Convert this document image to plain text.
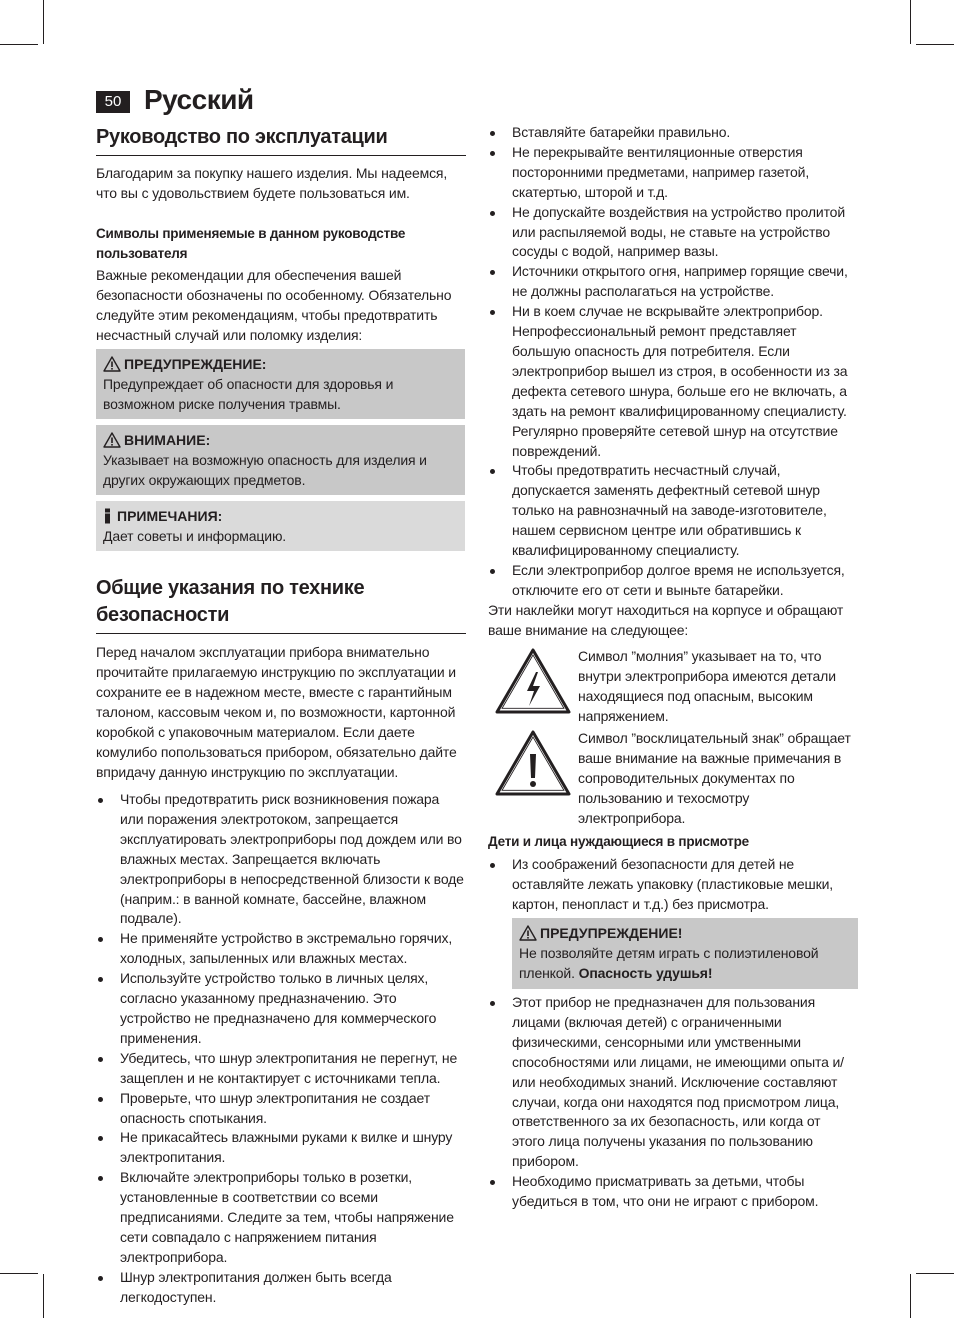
50 Русский
Руководство по эксплуатации

Благодарим за покупку нашего изделия. Мы надеемся, что вы с удовольствием будете пользоваться им.

Символы применяемые в данном руководстве пользователя

Важные рекомендации для обеспечения вашей безопасности обозначены по особенному. Обязательно следуйте этим рекомендациям, чтобы предотвратить несчастный случай или поломку изделия:

ПРЕДУПРЕЖДЕНИЕ:
Предупреждает об опасности для здоровья и возможном риске получения травмы.
ВНИМАНИЕ:
Указывает на возможную опасность для изделия и других окружающих предметов.
ПРИМЕЧАНИЯ:
Дает советы и информацию.
Общие указания по технике
безопасности

Перед началом эксплуатации прибора внимательно прочитайте прилагаемую инструкцию по эксплуатации и сохраните ее в надежном месте, вместе с гарантийным талоном, кассовым чеком и, по возможности, картонной коробкой с упаковочным материалом. Если даете комулибо попользоваться прибором, обязательно дайте впридачу данную инструкцию по эксплуатации.

Чтобы предотвратить риск возникновения пожара или поражения электротоком, запрещается эксплуатировать электроприборы под дождем или во влажных местах. Запрещается включать электроприборы в непосредственной близости к воде (наприм.: в ванной комнате, бассейне, влажном подвале).
Не применяйте устройство в экстремально горячих, холодных, запыленных или влажных местах.
Используйте устройство только в личных целях, согласно указанному предназначению. Это устройство не предназначено для коммерческого применения.
Убедитесь, что шнур электропитания не перегнут, не защеплен и не контактирует с источниками тепла.
Проверьте, что шнур электропитания не создает опасность спотыкания.
Не прикасайтесь влажными руками к вилке и шнуру электропитания.
Включайте электроприборы только в розетки, установленные в соответствии со всеми предписаниями. Следите за тем, чтобы напряжение сети совпадало с напряжением питания электроприбора.
Шнур электропитания должен быть всегда легкодоступен.
Вставляйте батарейки правильно.
Не перекрывайте вентиляционные отверстия посторонними предметами, например газетой, скатертью, шторой и т.д.
Не допускайте воздействия на устройство пролитой или распыляемой воды, не ставьте на устройство сосуды с водой, например вазы.
Источники открытого огня, например горящие свечи, не должны располагаться на устройстве.
Ни в коем случае не вскрывайте электроприбор. Непрофессиональный ремонт представляет большую опасность для потребителя. Если электроприбор вышел из строя, в особенности из за дефекта сетевого шнура, больше его не включать, а здать на ремонт квалифицированному специалисту. Регулярно проверяйте сетевой шнур на отсутствие повреждений.
Чтобы предотвратить несчастный случай, допускается заменять дефектный сетевой шнур только на равнозначный на заводе-изготовителе, нашем сервисном центре или обратившись к квалифицированному специалисту.
Если электроприбор долгое время не используется, отключите его от сети и выньте батарейки.

Эти наклейки могут находиться на корпусе и обращают ваше внимание на следующее:

Символ ”молния” указывает на то, что внутри электроприбора имеются детали находящиеся под опасным, высоким напряжением.
Символ ”восклицательный знак” обращает ваше внимание на важные примечания в сопроводительных документах по пользованию и техосмотру электроприбора.
Дети и лица нуждающиеся в присмотре
Из соображений безопасности для детей не оставляйте лежать упаковку (пластиковые мешки, картон, пенопласт и т.д.) без присмотра.
ПРЕДУПРЕЖДЕНИЕ!
Не позволяйте детям играть с полиэтиленовой пленкой. Опасность удушья!
Этот прибор не предназначен для пользования лицами (включая детей) с ограниченными физическими, сенсорными или умственными способностями или лицами, не имеющими опыта и/или необходимых знаний. Исключение составляют случаи, когда они находятся под присмотром лица, ответственного за их безопасность, или когда от этого лица получены указания по пользованию прибором.
Необходимо присматривать за детьми, чтобы убедиться в том, что они не играют с прибором.
